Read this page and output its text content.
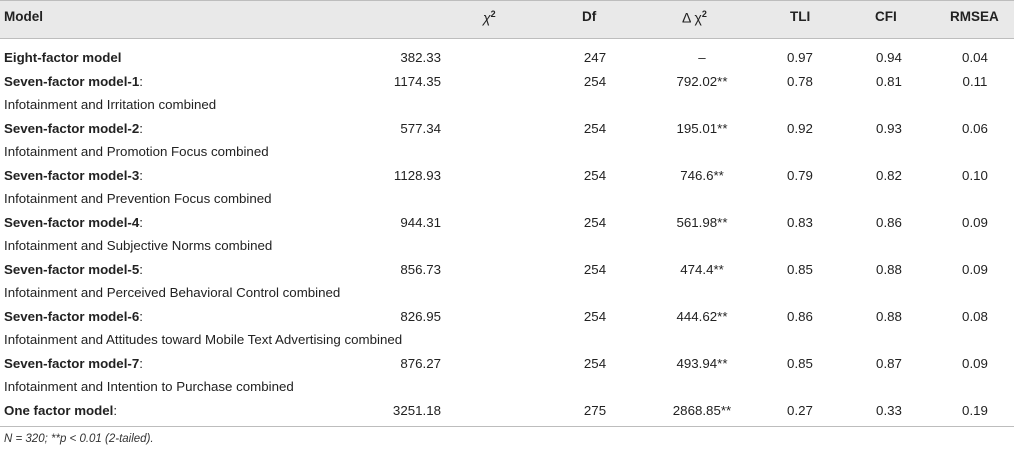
Model	$\chi^2$	Df	Δ $\chi^2$	TLI	CFI	RMSEA
Eight-factor model	382.33	247	–	0.97	0.94	0.04
Seven-factor model-1:	1174.35	254	792.02**	0.78	0.81	0.11
Infotainment and Irritation combined
Seven-factor model-2:	577.34	254	195.01**	0.92	0.93	0.06
Infotainment and Promotion Focus combined
Seven-factor model-3:	1128.93	254	746.6**	0.79	0.82	0.10
Infotainment and Prevention Focus combined
Seven-factor model-4:	944.31	254	561.98**	0.83	0.86	0.09
Infotainment and Subjective Norms combined
Seven-factor model-5:	856.73	254	474.4**	0.85	0.88	0.09
Infotainment and Perceived Behavioral Control combined
Seven-factor model-6:	826.95	254	444.62**	0.86	0.88	0.08
Infotainment and Attitudes toward Mobile Text Advertising combined
Seven-factor model-7:	876.27	254	493.94**	0.85	0.87	0.09
Infotainment and Intention to Purchase combined
One factor model:	3251.18	275	2868.85**	0.27	0.33	0.19
N = 320; **p < 0.01 (2-tailed).
